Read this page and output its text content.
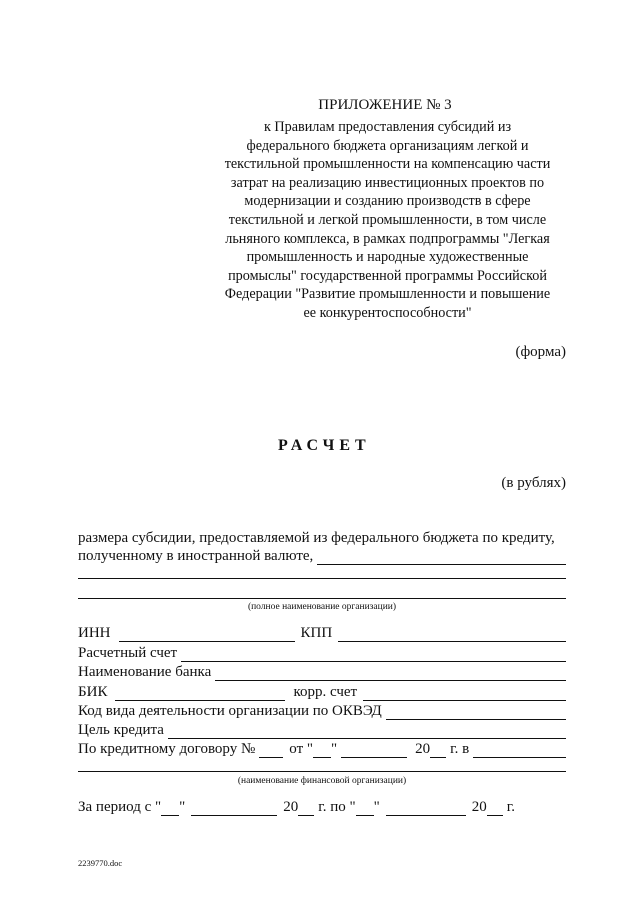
ПРИЛОЖЕНИЕ № 3
к Правилам предоставления субсидий из
федерального бюджета организациям легкой и
текстильной промышленности на компенсацию части
затрат на реализацию инвестиционных проектов по
модернизации и созданию производств в сфере
текстильной и легкой промышленности, в том числе
льняного комплекса, в рамках подпрограммы "Легкая
промышленность и народные художественные
промыслы" государственной программы Российской
Федерации "Развитие промышленности и повышение
ее конкурентоспособности"
(форма)
РАСЧЕТ
(в рублях)
размера субсидии, предоставляемой из федерального бюджета по кредиту,
полученному в иностранной валюте,
(полное наименование организации)
ИНН	КПП
Расчетный счет
Наименование банка
БИК	корр. счет
Код вида деятельности организации по ОКВЭД
Цель кредита
По кредитному договору № от " "	20 г. в
(наименование финансовой организации)
За период с " "	20 г. по " "	20 г.
2239770.doc
